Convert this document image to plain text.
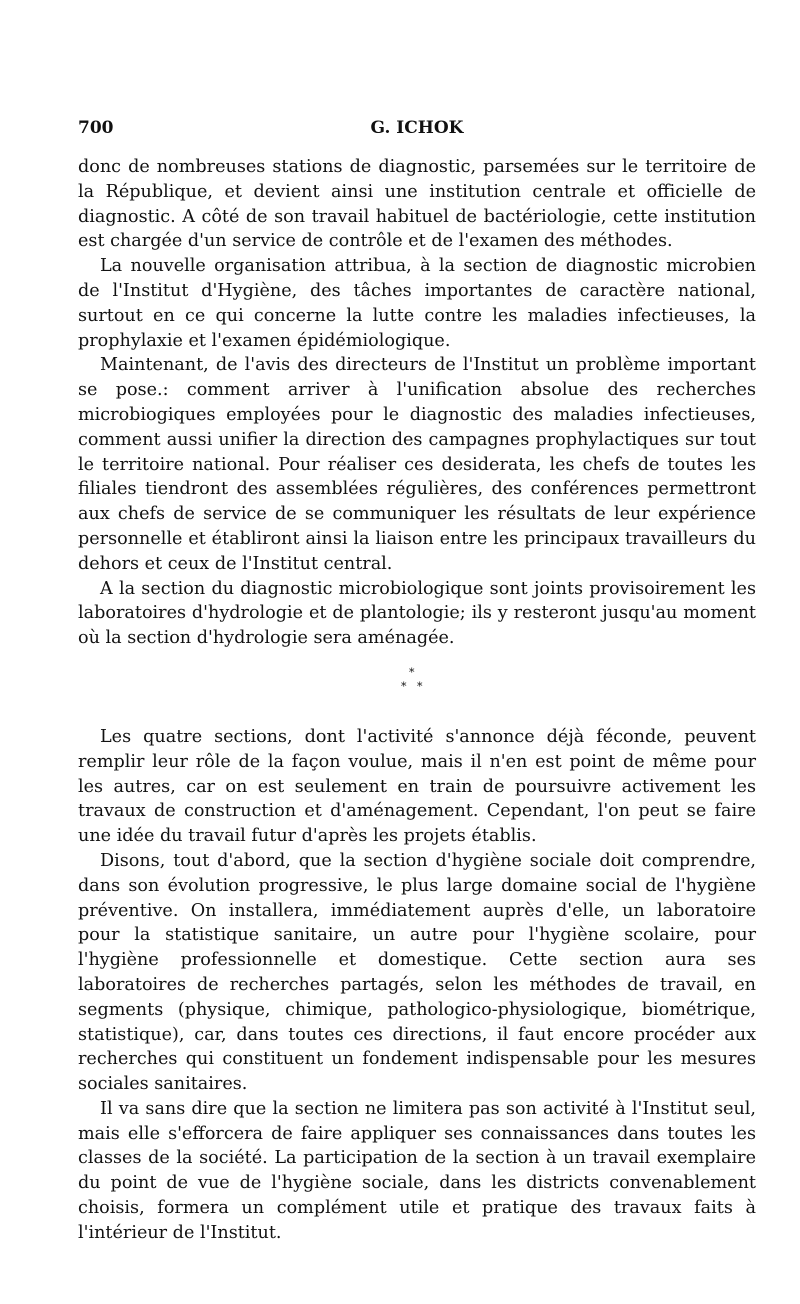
700	G. ICHOK

donc de nombreuses stations de diagnostic, parsemées sur le territoire de la République, et devient ainsi une institution centrale et officielle de diagnostic. A côté de son travail habituel de bactériologie, cette institution est chargée d'un service de contrôle et de l'examen des méthodes.

La nouvelle organisation attribua, à la section de diagnostic microbien de l'Institut d'Hygiène, des tâches importantes de caractère national, surtout en ce qui concerne la lutte contre les maladies infectieuses, la prophylaxie et l'examen épidémiologique.

Maintenant, de l'avis des directeurs de l'Institut un problème important se pose.: comment arriver à l'unification absolue des recherches microbiogiques employées pour le diagnostic des maladies infectieuses, comment aussi unifier la direction des campagnes prophylactiques sur tout le territoire national. Pour réaliser ces desiderata, les chefs de toutes les filiales tiendront des assemblées régulières, des conférences permettront aux chefs de service de se communiquer les résultats de leur expérience personnelle et établiront ainsi la liaison entre les principaux travailleurs du dehors et ceux de l'Institut central.

A la section du diagnostic microbiologique sont joints provisoirement les laboratoires d'hydrologie et de plantologie; ils y resteront jusqu'au moment où la section d'hydrologie sera aménagée.

*
* *

Les quatre sections, dont l'activité s'annonce déjà féconde, peuvent remplir leur rôle de la façon voulue, mais il n'en est point de même pour les autres, car on est seulement en train de poursuivre activement les travaux de construction et d'aménagement. Cependant, l'on peut se faire une idée du travail futur d'après les projets établis.

Disons, tout d'abord, que la section d'hygiène sociale doit comprendre, dans son évolution progressive, le plus large domaine social de l'hygiène préventive. On installera, immédiatement auprès d'elle, un laboratoire pour la statistique sanitaire, un autre pour l'hygiène scolaire, pour l'hygiène professionnelle et domestique. Cette section aura ses laboratoires de recherches partagés, selon les méthodes de travail, en segments (physique, chimique, pathologico-physiologique, biométrique, statistique), car, dans toutes ces directions, il faut encore procéder aux recherches qui constituent un fondement indispensable pour les mesures sociales sanitaires.

Il va sans dire que la section ne limitera pas son activité à l'Institut seul, mais elle s'efforcera de faire appliquer ses connaissances dans toutes les classes de la société. La participation de la section à un travail exemplaire du point de vue de l'hygiène sociale, dans les districts convenablement choisis, formera un complément utile et pratique des travaux faits à l'intérieur de l'Institut.
